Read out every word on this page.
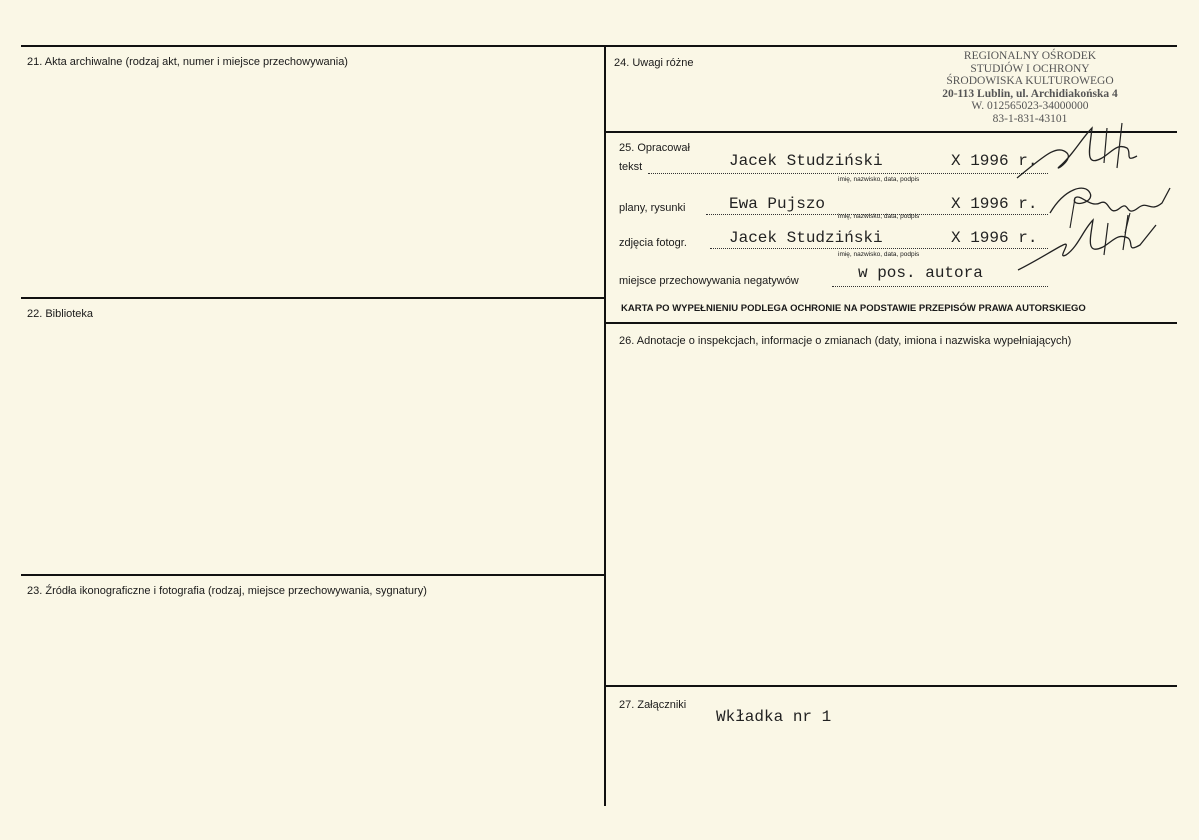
21. Akta archiwalne (rodzaj akt, numer i miejsce przechowywania)
22. Biblioteka
23. Źródła ikonograficzne i fotografia (rodzaj, miejsce przechowywania, sygnatury)
24. Uwagi różne
REGIONALNY OŚRODEK
STUDIÓW I OCHRONY
ŚRODOWISKA KULTUROWEGO
20-113 Lublin, ul. Archidiakońska 4
W. 012565023-34000000
83-1-831-43101
25. Opracował
tekst	Jacek Studziński	X 1996 r.
imię, nazwisko, data, podpis
plany, rysunki	Ewa Pujszo	X 1996 r.
imię, nazwisko, data, podpis
zdjęcia fotogr.	Jacek Studziński	X 1996 r.
imię, nazwisko, data, podpis
miejsce przechowywania negatywów	w pos. autora
KARTA PO WYPEŁNIENIU PODLEGA OCHRONIE NA PODSTAWIE PRZEPISÓW PRAWA AUTORSKIEGO
26. Adnotacje o inspekcjach, informacje o zmianach (daty, imiona i nazwiska wypełniających)
27. Załączniki
Wkładka nr 1
